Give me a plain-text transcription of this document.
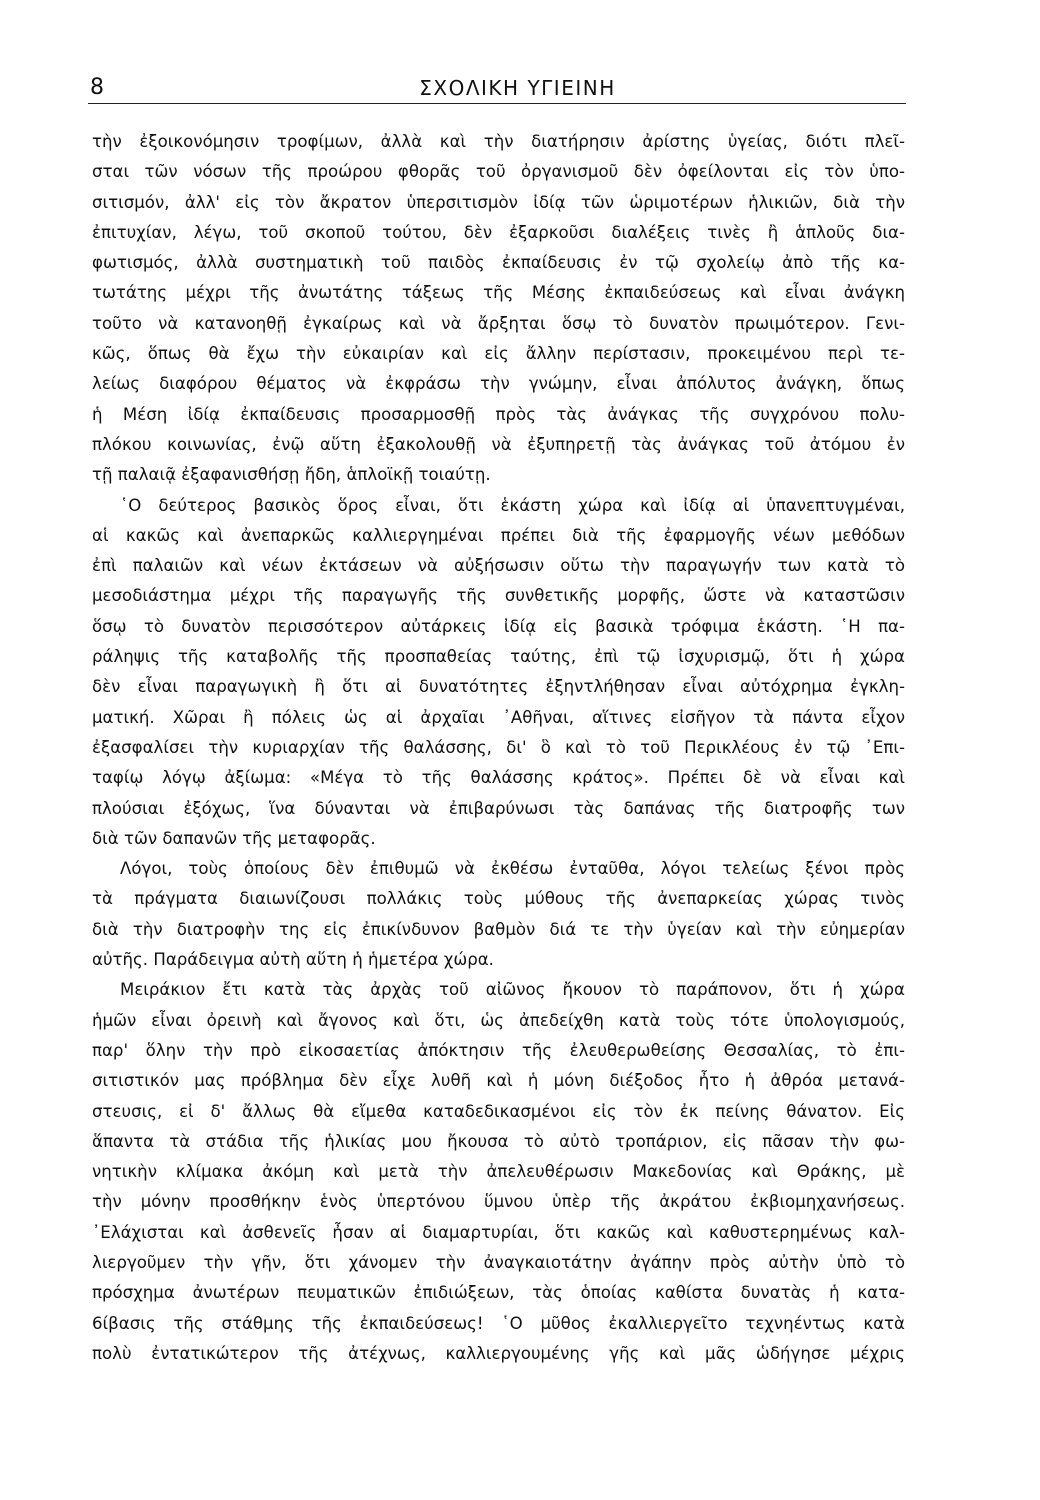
8	ΣΧΟΛΙΚΗ ΥΓΙΕΙΝΗ
τὴν ἐξοικονόμησιν τροφίμων, ἀλλὰ καὶ τὴν διατήρησιν ἀρίστης ὑγείας, διότι πλεῖ-
σται τῶν νόσων τῆς προώρου φθορᾶς τοῦ ὀργανισμοῦ δὲν ὀφείλονται εἰς τὸν ὑπο-
σιτισμόν, ἀλλ' εἰς τὸν ἄκρατον ὑπερσιτισμὸν ἰδίᾳ τῶν ὡριμοτέρων ἡλικιῶν, διὰ τὴν
ἐπιτυχίαν, λέγω, τοῦ σκοποῦ τούτου, δὲν ἐξαρκοῦσι διαλέξεις τινὲς ἢ ἁπλοῦς δια-
φωτισμός, ἀλλὰ συστηματικὴ τοῦ παιδὸς ἐκπαίδευσις ἐν τῷ σχολείῳ ἀπὸ τῆς κα-
τωτάτης μέχρι τῆς ἀνωτάτης τάξεως τῆς Μέσης ἐκπαιδεύσεως καὶ εἶναι ἀνάγκη
τοῦτο νὰ κατανοηθῇ ἐγκαίρως καὶ νὰ ἄρξηται ὅσῳ τὸ δυνατὸν πρωιμότερον. Γενι-
κῶς, ὅπως θὰ ἔχω τὴν εὐκαιρίαν καὶ εἰς ἄλλην περίστασιν, προκειμένου περὶ τε-
λείως διαφόρου θέματος νὰ ἐκφράσω τὴν γνώμην, εἶναι ἀπόλυτος ἀνάγκη, ὅπως
ἡ Μέση ἰδίᾳ ἐκπαίδευσις προσαρμοσθῇ πρὸς τὰς ἀνάγκας τῆς συγχρόνου πολυ-
πλόκου κοινωνίας, ἐνῷ αὕτη ἐξακολουθῇ νὰ ἐξυπηρετῇ τὰς ἀνάγκας τοῦ ἀτόμου ἐν
τῇ παλαιᾷ ἐξαφανισθήσῃ ἤδη, ἁπλοϊκῇ τοιαύτῃ.
῾Ο δεύτερος βασικὸς ὅρος εἶναι, ὅτι ἑκάστη χώρα καὶ ἰδίᾳ αἱ ὑπανεπτυγμέναι,
αἱ κακῶς καὶ ἀνεπαρκῶς καλλιεργημέναι πρέπει διὰ τῆς ἐφαρμογῆς νέων μεθόδων
ἐπὶ παλαιῶν καὶ νέων ἐκτάσεων νὰ αὐξήσωσιν οὕτω τὴν παραγωγήν των κατὰ τὸ
μεσοδιάστημα μέχρι τῆς παραγωγῆς τῆς συνθετικῆς μορφῆς, ὥστε νὰ καταστῶσιν
ὅσῳ τὸ δυνατὸν περισσότερον αὐτάρκεις ἰδίᾳ εἰς βασικὰ τρόφιμα ἑκάστη. ῾Η πα-
ράληψις τῆς καταβολῆς τῆς προσπαθείας ταύτης, ἐπὶ τῷ ἰσχυρισμῷ, ὅτι ἡ χώρα
δὲν εἶναι παραγωγικὴ ἢ ὅτι αἱ δυνατότητες ἐξηντλήθησαν εἶναι αὐτόχρημα ἐγκλη-
ματική. Χῶραι ἢ πόλεις ὡς αἱ ἀρχαῖαι ᾿Αθῆναι, αἵτινες εἰσῆγον τὰ πάντα εἶχον
ἐξασφαλίσει τὴν κυριαρχίαν τῆς θαλάσσης, δι' ὃ καὶ τὸ τοῦ Περικλέους ἐν τῷ ᾿Επι-
ταφίῳ λόγῳ ἀξίωμα: «Μέγα τὸ τῆς θαλάσσης κράτος». Πρέπει δὲ νὰ εἶναι καὶ
πλούσιαι ἐξόχως, ἵνα δύνανται νὰ ἐπιβαρύνωσι τὰς δαπάνας τῆς διατροφῆς των
διὰ τῶν δαπανῶν τῆς μεταφορᾶς.
Λόγοι, τοὺς ὁποίους δὲν ἐπιθυμῶ νὰ ἐκθέσω ἐνταῦθα, λόγοι τελείως ξένοι πρὸς
τὰ πράγματα διαιωνίζουσι πολλάκις τοὺς μύθους τῆς ἀνεπαρκείας χώρας τινὸς
διὰ τὴν διατροφὴν της εἰς ἐπικίνδυνον βαθμὸν διά τε τὴν ὑγείαν καὶ τὴν εὐημερίαν
αὐτῆς. Παράδειγμα αὐτὴ αὕτη ἡ ἡμετέρα χώρα.
Μειράκιον ἔτι κατὰ τὰς ἀρχὰς τοῦ αἰῶνος ἤκουον τὸ παράπονον, ὅτι ἡ χώρα
ἡμῶν εἶναι ὀρεινὴ καὶ ἄγονος καὶ ὅτι, ὡς ἀπεδείχθη κατὰ τοὺς τότε ὑπολογισμούς,
παρ' ὅλην τὴν πρὸ εἰκοσαετίας ἀπόκτησιν τῆς ἐλευθερωθείσης Θεσσαλίας, τὸ ἐπι-
σιτιστικόν μας πρόβλημα δὲν εἶχε λυθῆ καὶ ἡ μόνη διέξοδος ἦτο ἡ ἀθρόα μετανά-
στευσις, εἰ δ' ἄλλως θὰ εἴμεθα καταδεδικασμένοι εἰς τὸν ἐκ πείνης θάνατον. Εἰς
ἅπαντα τὰ στάδια τῆς ἡλικίας μου ἤκουσα τὸ αὐτὸ τροπάριον, εἰς πᾶσαν τὴν φω-
νητικὴν κλίμακα ἀκόμη καὶ μετὰ τὴν ἀπελευθέρωσιν Μακεδονίας καὶ Θράκης, μὲ
τὴν μόνην προσθήκην ἑνὸς ὑπερτόνου ὕμνου ὑπὲρ τῆς ἀκράτου ἐκβιομηχανήσεως.
᾿Ελάχισται καὶ ἀσθενεῖς ἦσαν αἱ διαμαρτυρίαι, ὅτι κακῶς καὶ καθυστερημένως καλ-
λιεργοῦμεν τὴν γῆν, ὅτι χάνομεν τὴν ἀναγκαιοτάτην ἀγάπην πρὸς αὐτὴν ὑπὸ τὸ
πρόσχημα ἀνωτέρων πευματικῶν ἐπιδιώξεων, τὰς ὁποίας καθίστα δυνατὰς ἡ κατα-
6ίβασις τῆς στάθμης τῆς ἐκπαιδεύσεως! ῾Ο μῦθος ἐκαλλιεργεῖτο τεχνηέντως κατὰ
πολὺ ἐντατικώτερον τῆς ἀτέχνως, καλλιεργουμένης γῆς καὶ μᾶς ὡδήγησε μέχρις
